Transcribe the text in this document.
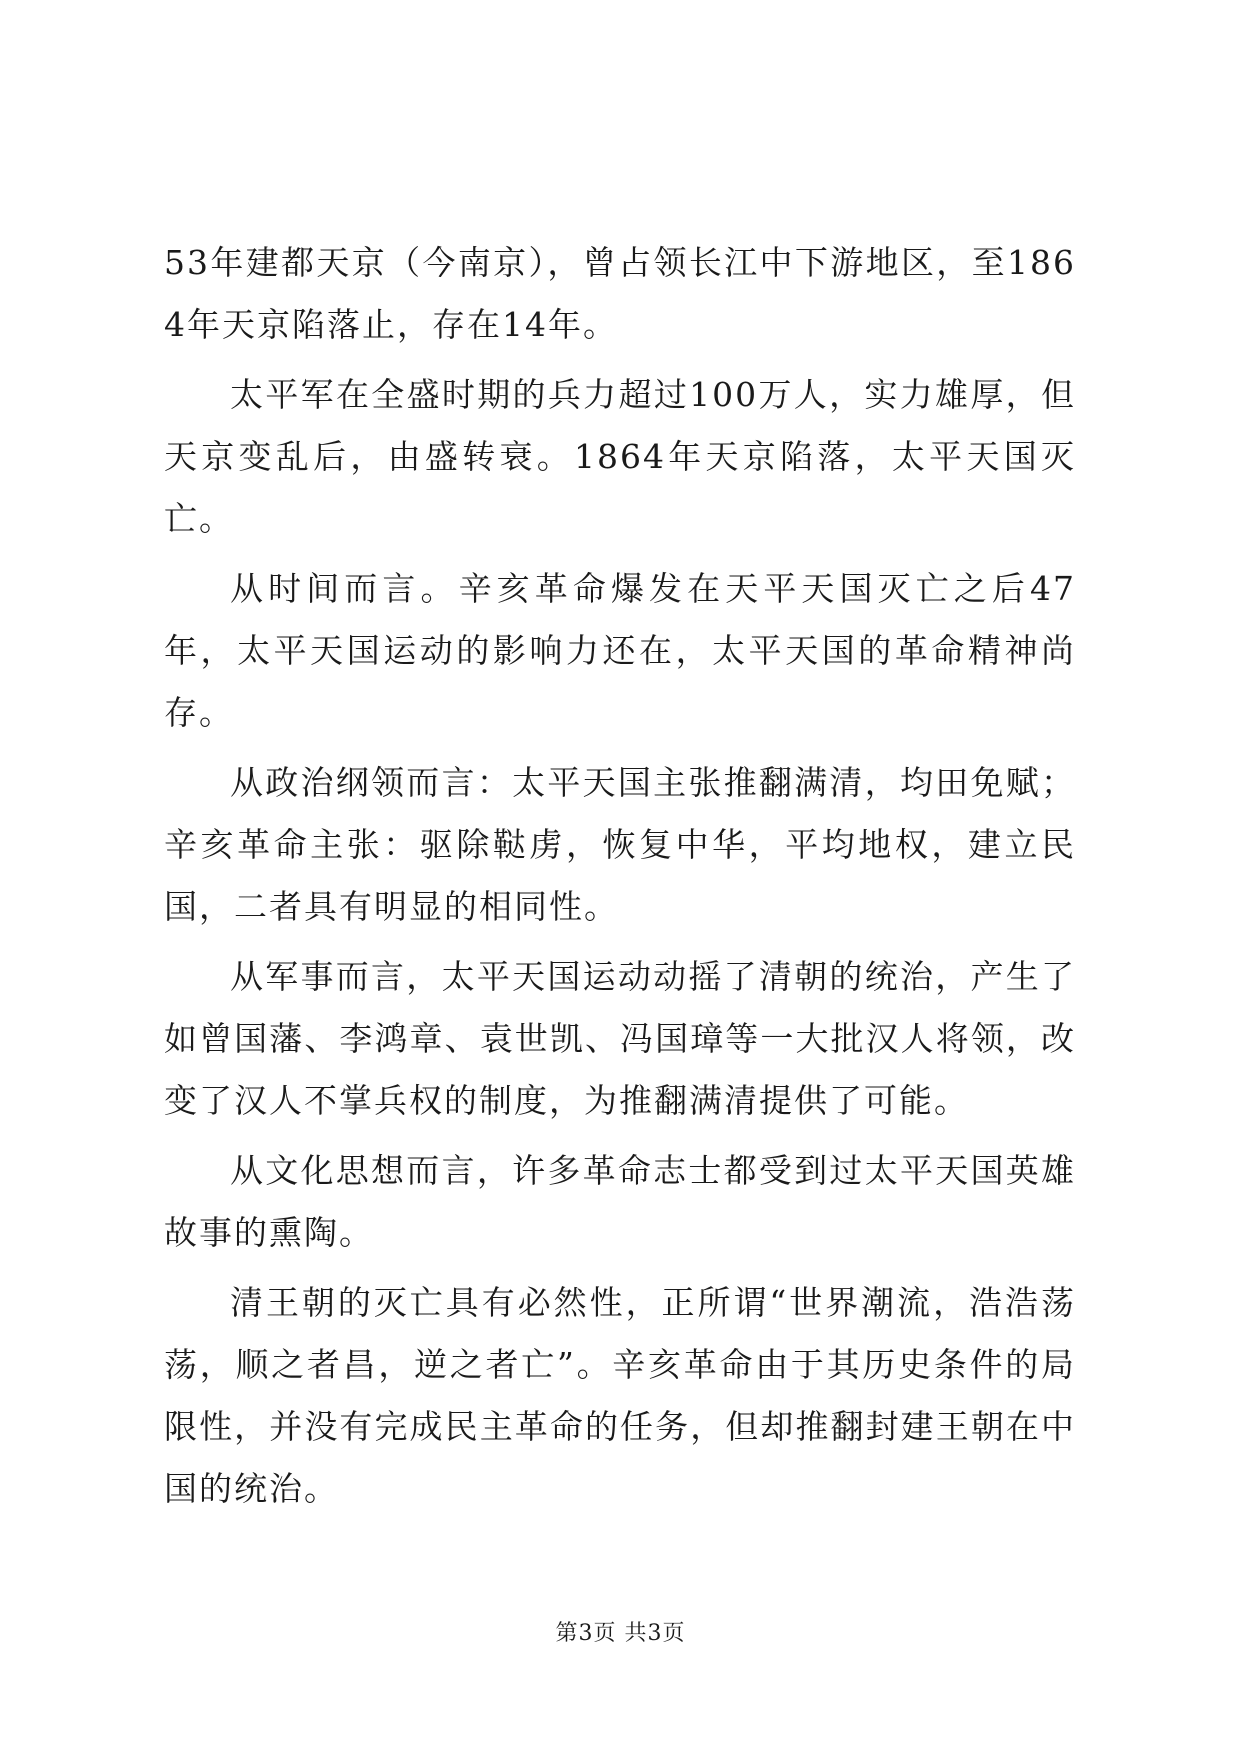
53年建都天京（今南京），曾占领长江中下游地区，至1864年天京陷落止，存在14年。

太平军在全盛时期的兵力超过100万人，实力雄厚，但天京变乱后，由盛转衰。1864年天京陷落，太平天国灭亡。

从时间而言。辛亥革命爆发在天平天国灭亡之后47年，太平天国运动的影响力还在，太平天国的革命精神尚存。

从政治纲领而言：太平天国主张推翻满清，均田免赋；辛亥革命主张：驱除鞑虏，恢复中华，平均地权，建立民国，二者具有明显的相同性。

从军事而言，太平天国运动动摇了清朝的统治，产生了如曾国藩、李鸿章、袁世凯、冯国璋等一大批汉人将领，改变了汉人不掌兵权的制度，为推翻满清提供了可能。

从文化思想而言，许多革命志士都受到过太平天国英雄故事的熏陶。

清王朝的灭亡具有必然性，正所谓“世界潮流，浩浩荡荡，顺之者昌，逆之者亡”。辛亥革命由于其历史条件的局限性，并没有完成民主革命的任务，但却推翻封建王朝在中国的统治。

第3页 共3页
